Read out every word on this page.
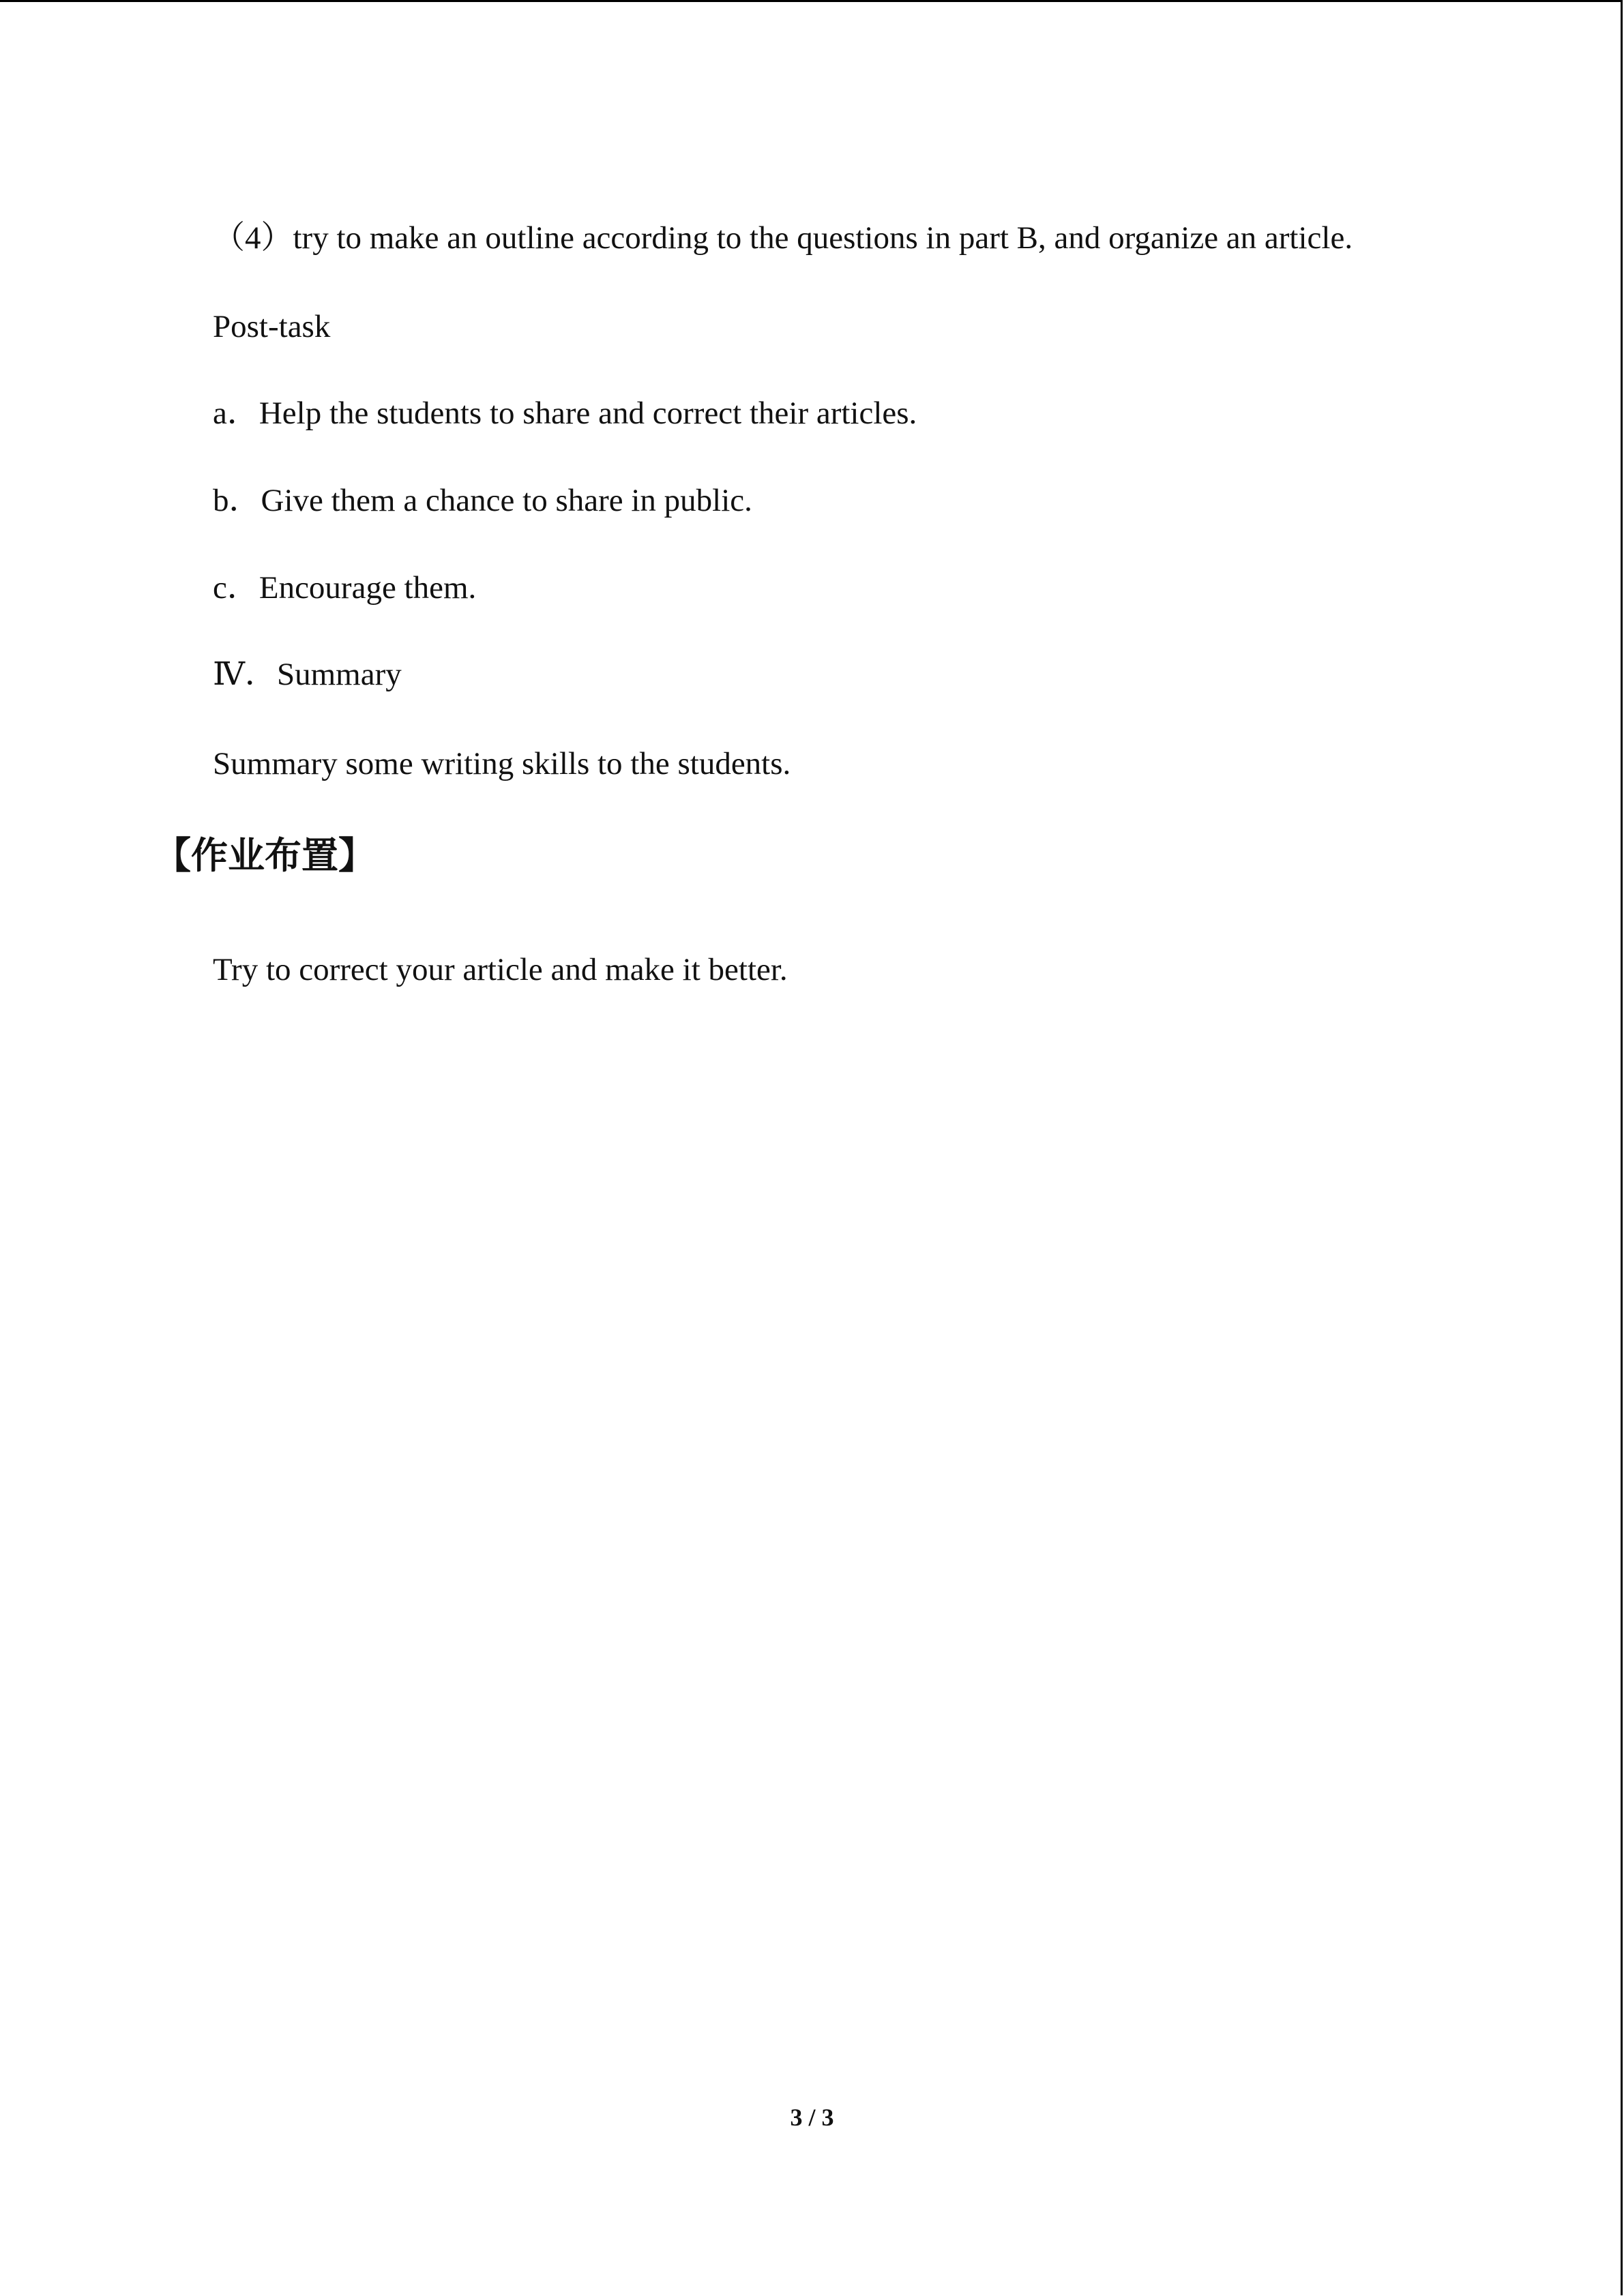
（4）try to make an outline according to the questions in part B, and organize an article.

Post-task

a．Help the students to share and correct their articles.

b．Give them a chance to share in public.

c．Encourage them.

Ⅳ．Summary

Summary some writing skills to the students.

【作业布置】

Try to correct your article and make it better.

3 / 3
